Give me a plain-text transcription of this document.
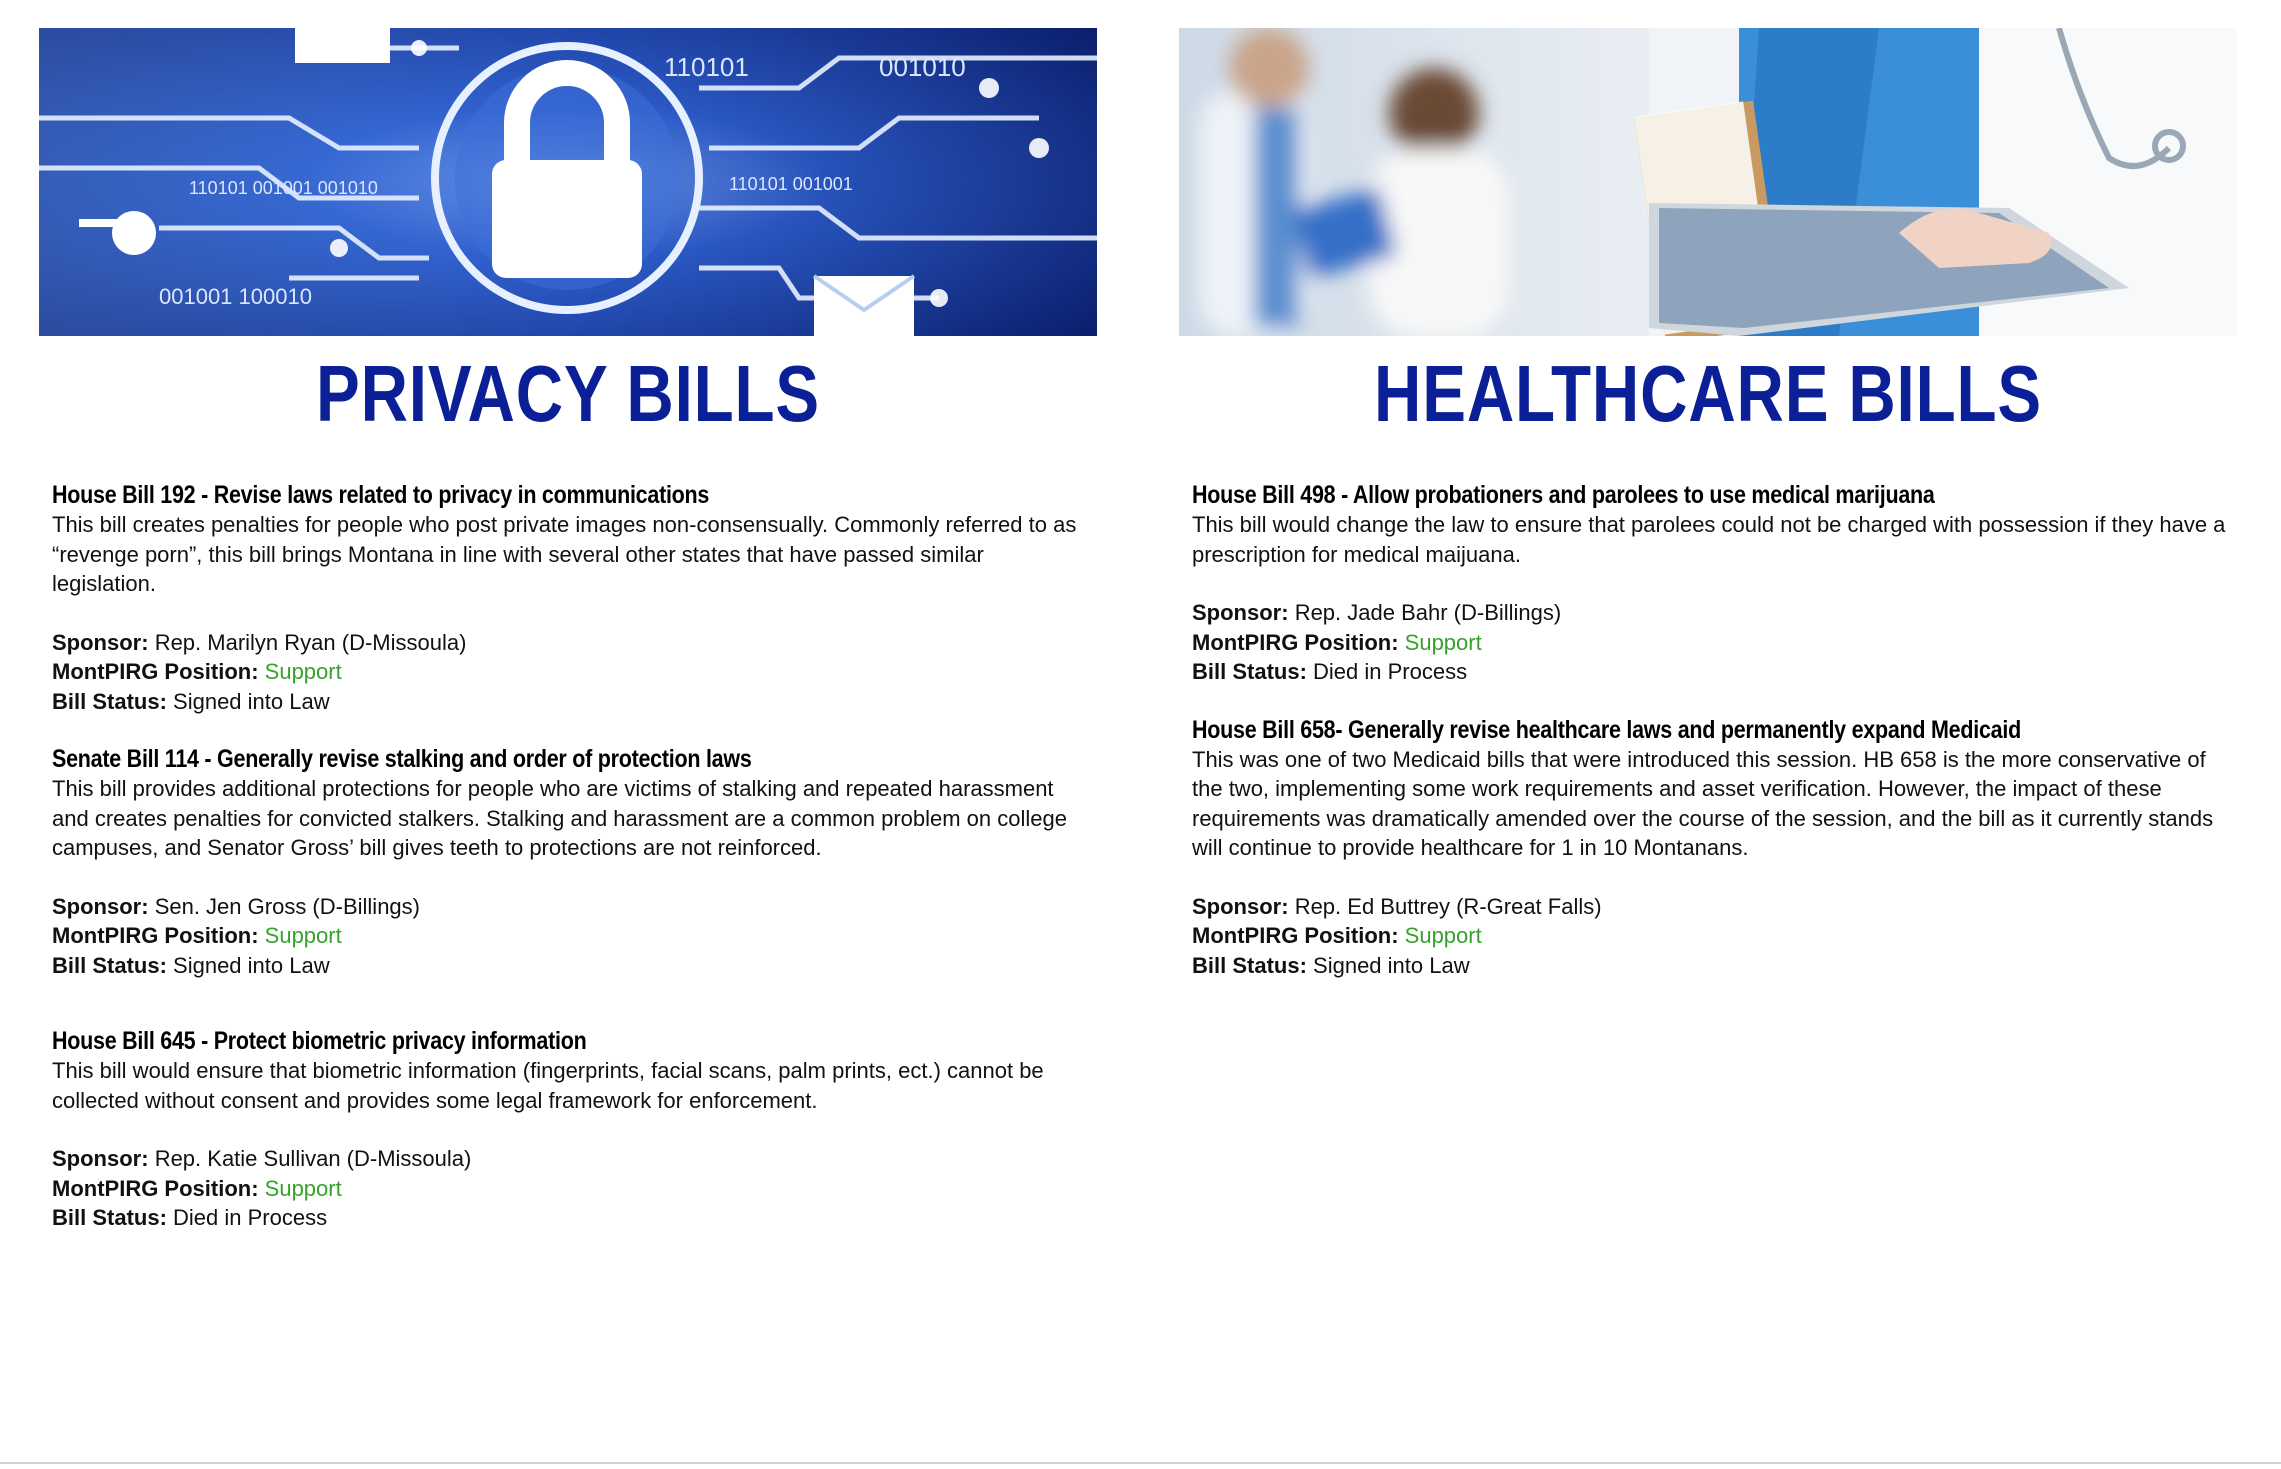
110101	001010
110101 001001 001010
001001 100010
110101 001001
PRIVACY BILLS
House Bill 192 - Revise laws related to privacy in communications
This bill creates penalties for people who post private images non-consensually. Commonly referred to as “revenge porn”, this bill brings Montana in line with several other states that have passed similar legislation.
Sponsor: Rep. Marilyn Ryan (D-Missoula)
MontPIRG Position: Support
Bill Status: Signed into Law
Senate Bill 114 - Generally revise stalking and order of protection laws
This bill provides additional protections for people who are victims of stalking and repeated harassment and creates penalties for convicted stalkers. Stalking and harassment are a common problem on college campuses, and Senator Gross’ bill gives teeth to protections are not reinforced.
Sponsor: Sen. Jen Gross (D-Billings)
MontPIRG Position: Support
Bill Status: Signed into Law
House Bill 645 - Protect biometric privacy information
This bill would ensure that biometric information (fingerprints, facial scans, palm prints, ect.) cannot be collected without consent and provides some legal framework for enforcement.
Sponsor: Rep. Katie Sullivan (D-Missoula)
MontPIRG Position: Support
Bill Status: Died in Process
HEALTHCARE BILLS
House Bill 498 - Allow probationers and parolees to use medical marijuana
This bill would change the law to ensure that parolees could not be charged with possession if they have a prescription for medical maijuana.
Sponsor: Rep. Jade Bahr (D-Billings)
MontPIRG Position: Support
Bill Status: Died in Process
House Bill 658- Generally revise healthcare laws and permanently expand Medicaid
This was one of two Medicaid bills that were introduced this session. HB 658 is the more conservative of the two, implementing some work requirements and asset verification. However, the impact of these requirements was dramatically amended over the course of the session, and the bill as it currently stands will continue to provide healthcare for 1 in 10 Montanans.
Sponsor: Rep. Ed Buttrey (R-Great Falls)
MontPIRG Position: Support
Bill Status: Signed into Law
